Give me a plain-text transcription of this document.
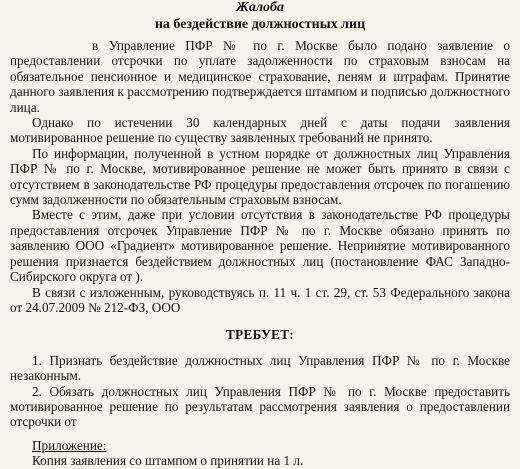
Жалоба
на бездействие должностных лиц

в Управление ПФР № по г. Москве было подано заявление о предоставлении отсрочки по уплате задолженности по страховым взносам на обязательное пенсионное и медицинское страхование, пеням и штрафам. Принятие данного заявления к рассмотрению подтверждается штампом и подписью должностного лица.

Однако по истечении 30 календарных дней с даты подачи заявления мотивированное решение по существу заявленных требований не принято.

По информации, полученной в устном порядке от должностных лиц Управления ПФР № по г. Москве, мотивированное решение не может быть принято в связи с отсутствием в законодательстве РФ процедуры предоставления отсрочек по погашению сумм задолженности по обязательным страховым взносам.

Вместе с этим, даже при условии отсутствия в законодательстве РФ процедуры предоставления отсрочек Управление ПФР № по г. Москве обязано принять по заявлению ООО «Градиент» мотивированное решение. Непринятие мотивированного решения признается бездействием должностных лиц (постановление ФАС Западно-Сибирского округа от ).

В связи с изложенным, руководствуясь п. 11 ч. 1 ст. 29, ст. 53 Федерального закона от 24.07.2009 № 212-ФЗ, ООО

ТРЕБУЕТ:

1. Признать бездействие должностных лиц Управления ПФР № по г. Москве незаконным.

2. Обязать должностных лиц Управления ПФР № по г. Москве предоставить мотивированное решение по результатам рассмотрения заявления о предоставлении отсрочки от

Приложение:
Копия заявления со штампом о принятии на 1 л.
